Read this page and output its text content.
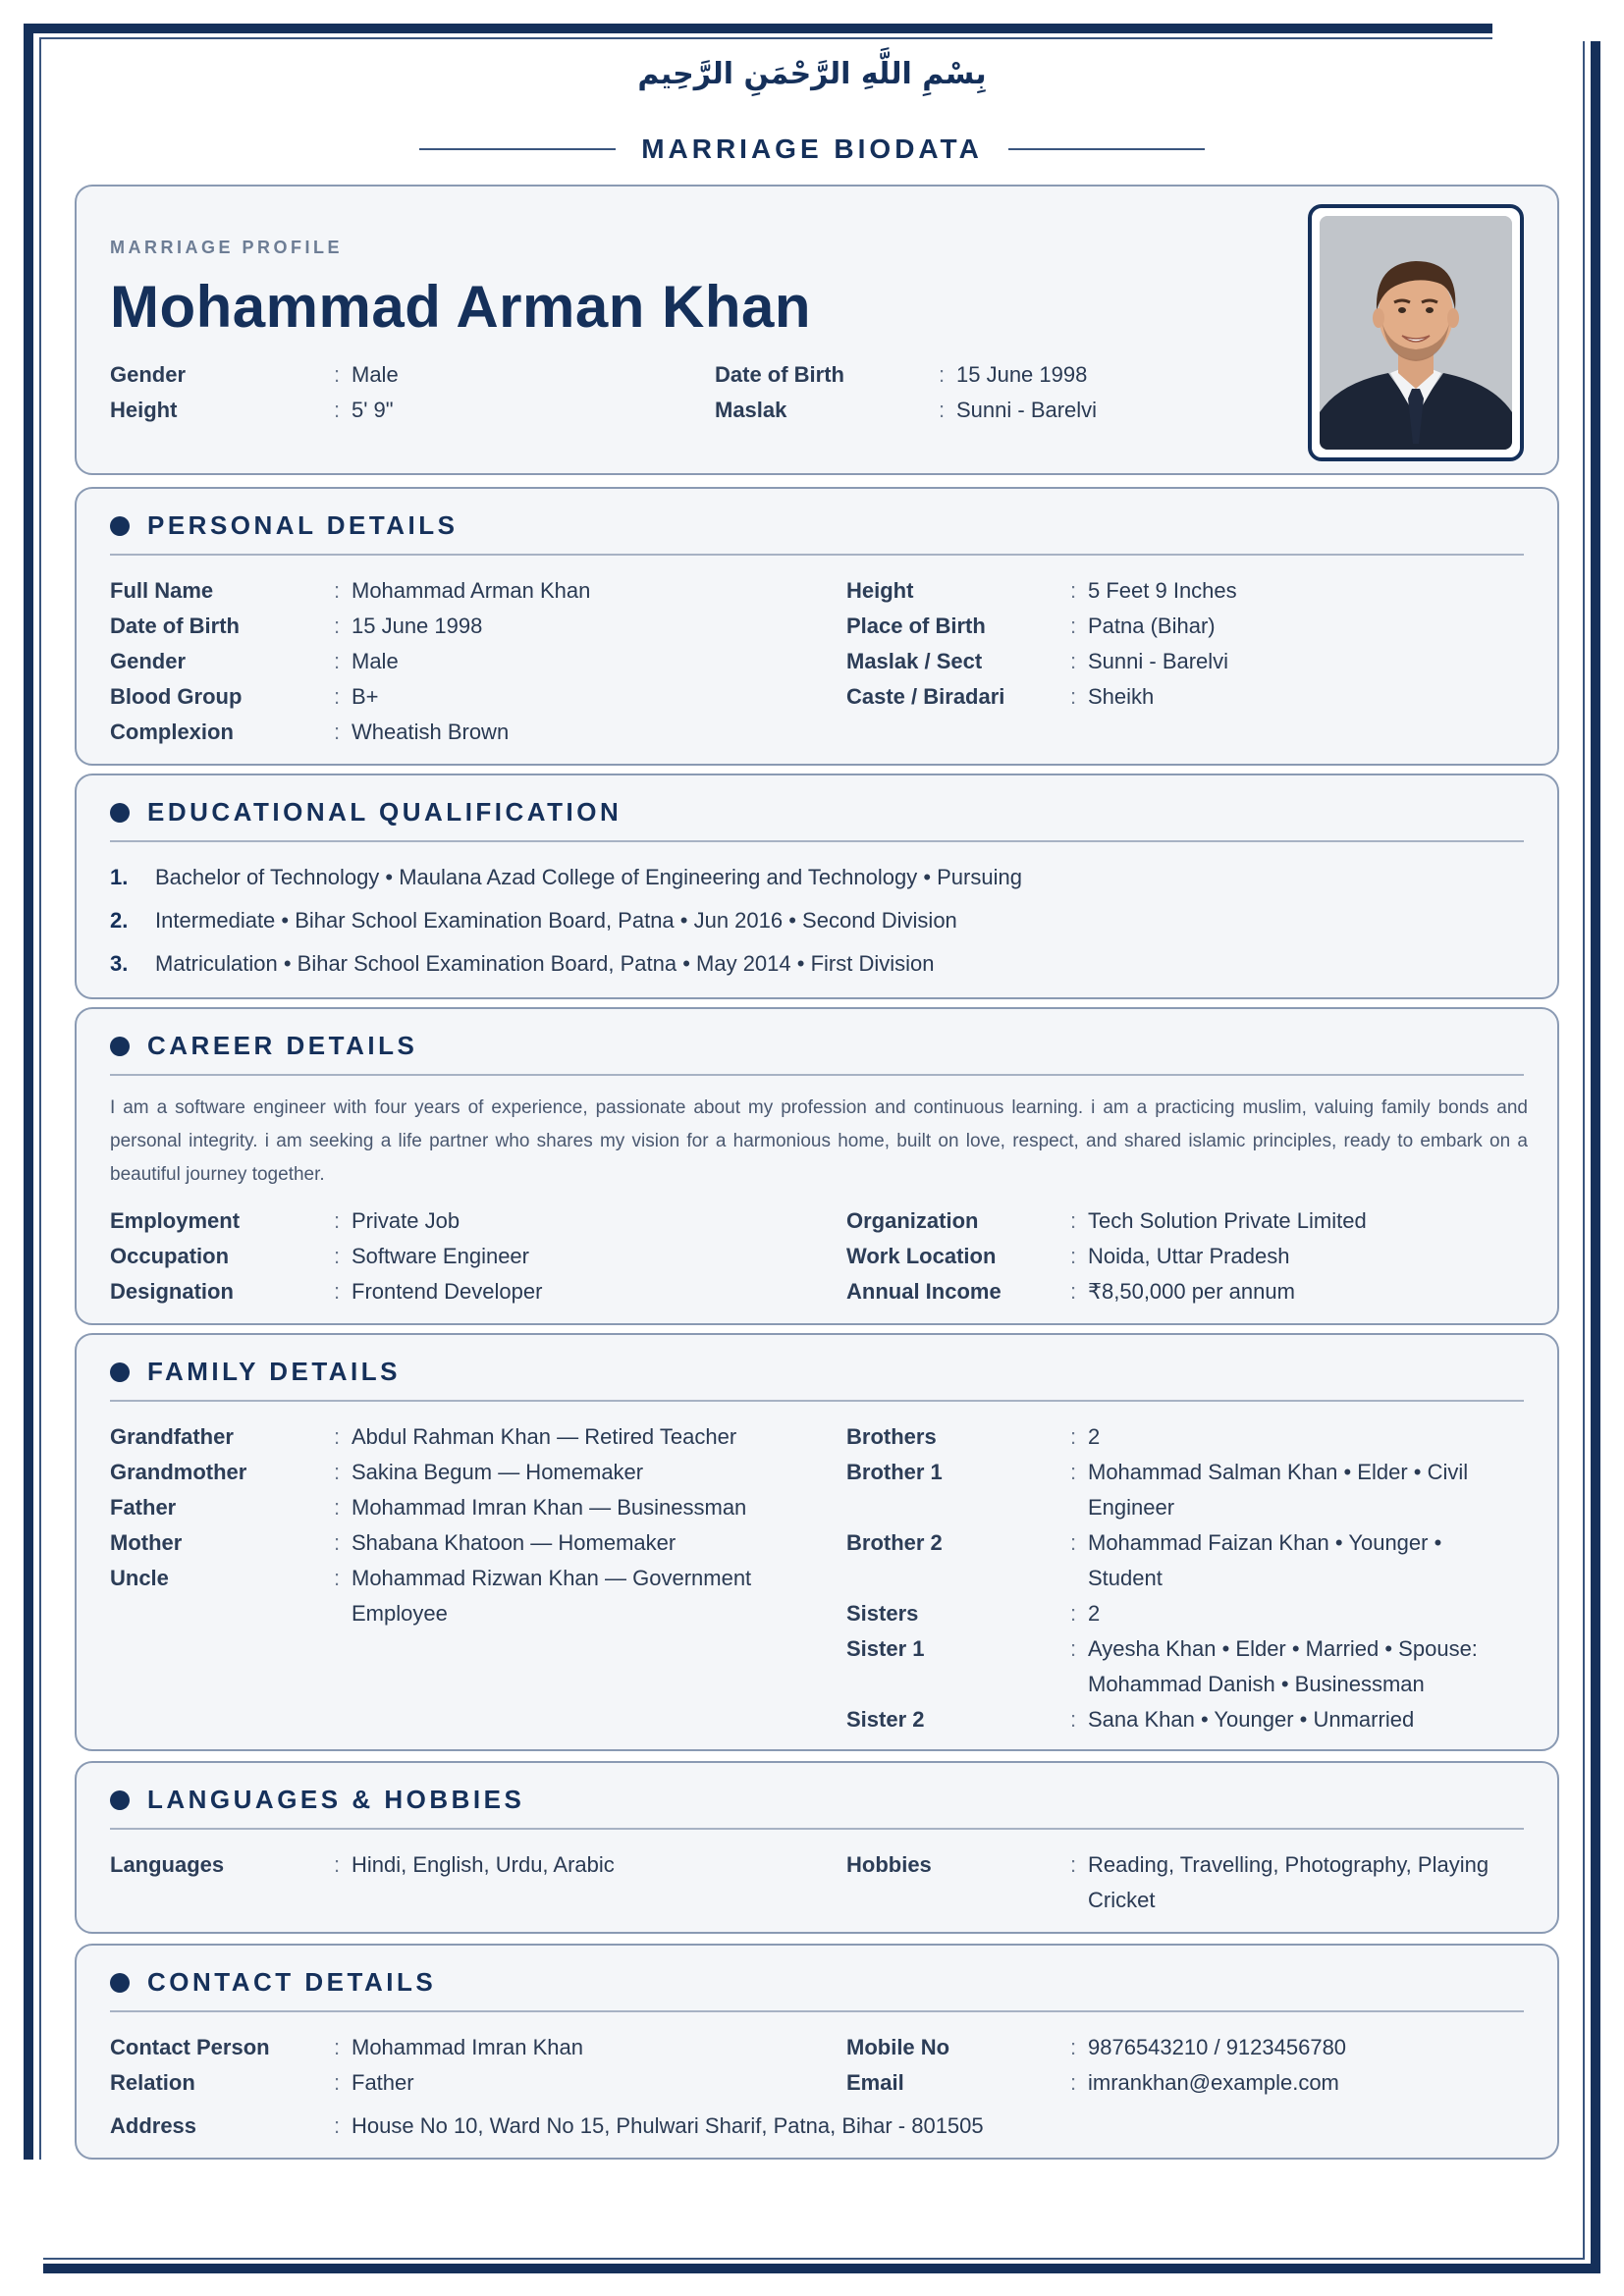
بِسْمِ اللَّهِ الرَّحْمَنِ الرَّحِيم
MARRIAGE BIODATA
MARRIAGE PROFILE
Mohammad Arman Khan
Gender	: Male
Height	: 5' 9"
Date of Birth	: 15 June 1998
Maslak	: Sunni - Barelvi
PERSONAL DETAILS
Full Name	: Mohammad Arman Khan
Date of Birth	: 15 June 1998
Gender	: Male
Blood Group	: B+
Complexion	: Wheatish Brown
Height	: 5 Feet 9 Inches
Place of Birth	: Patna (Bihar)
Maslak / Sect	: Sunni - Barelvi
Caste / Biradari	: Sheikh
EDUCATIONAL QUALIFICATION
1. Bachelor of Technology • Maulana Azad College of Engineering and Technology • Pursuing
2. Intermediate • Bihar School Examination Board, Patna • Jun 2016 • Second Division
3. Matriculation • Bihar School Examination Board, Patna • May 2014 • First Division
CAREER DETAILS
I am a software engineer with four years of experience, passionate about my profession and continuous learning. i am a practicing muslim, valuing family bonds and personal integrity. i am seeking a life partner who shares my vision for a harmonious home, built on love, respect, and shared islamic principles, ready to embark on a beautiful journey together.
Employment	: Private Job
Occupation	: Software Engineer
Designation	: Frontend Developer
Organization	: Tech Solution Private Limited
Work Location	: Noida, Uttar Pradesh
Annual Income	: ₹8,50,000 per annum
FAMILY DETAILS
Grandfather	: Abdul Rahman Khan — Retired Teacher
Grandmother	: Sakina Begum — Homemaker
Father	: Mohammad Imran Khan — Businessman
Mother	: Shabana Khatoon — Homemaker
Uncle	: Mohammad Rizwan Khan — Government
Employee
Brothers	: 2
Brother 1	: Mohammad Salman Khan • Elder • Civil
Engineer
Brother 2	: Mohammad Faizan Khan • Younger •
Student
Sisters	: 2
Sister 1	: Ayesha Khan • Elder • Married • Spouse:
Mohammad Danish • Businessman
Sister 2	: Sana Khan • Younger • Unmarried
LANGUAGES & HOBBIES
Languages	: Hindi, English, Urdu, Arabic	Hobbies	: Reading, Travelling, Photography, Playing
Cricket
CONTACT DETAILS
Contact Person	: Mohammad Imran Khan
Relation	: Father
Mobile No	: 9876543210 / 9123456780
Email	: imrankhan@example.com
Address	: House No 10, Ward No 15, Phulwari Sharif, Patna, Bihar - 801505
